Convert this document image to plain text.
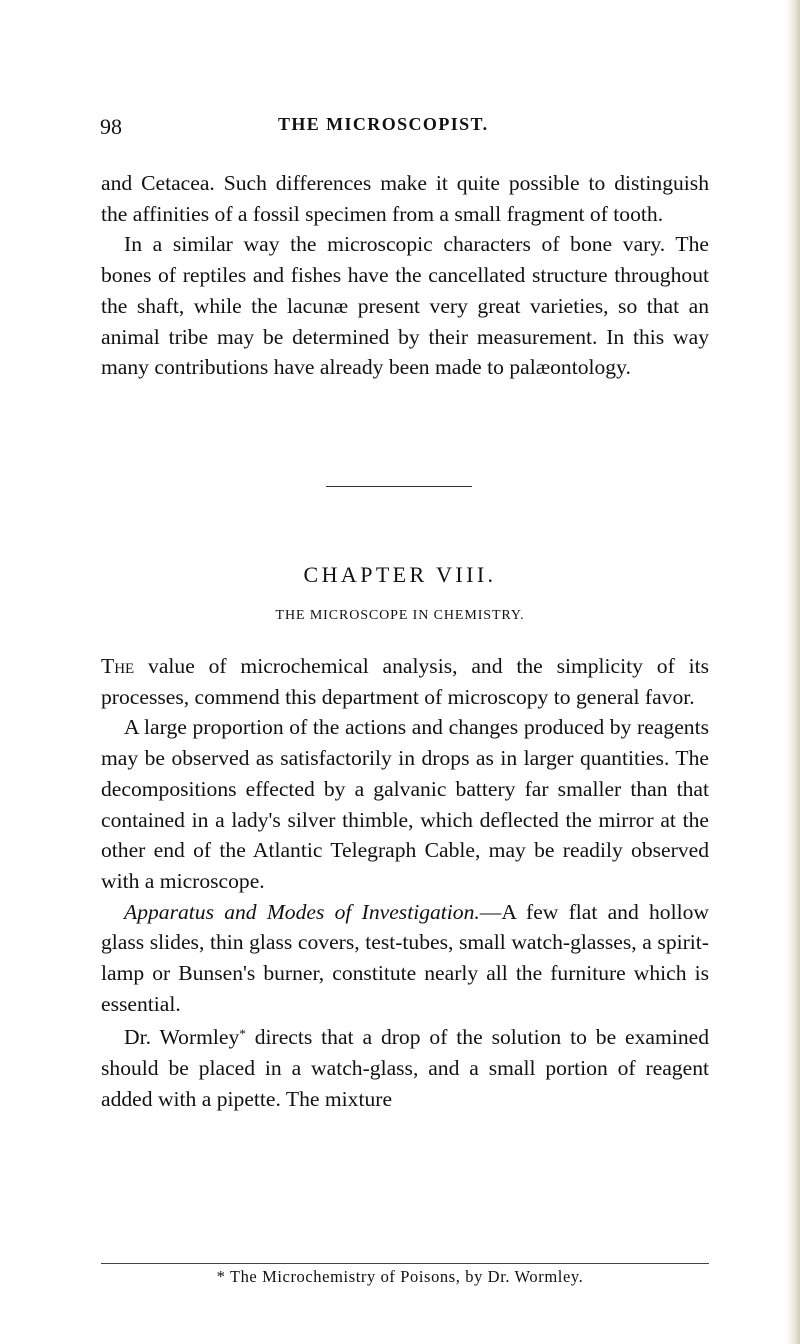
98	THE MICROSCOPIST.

and Cetacea. Such differences make it quite possible to distinguish the affinities of a fossil specimen from a small fragment of tooth.

In a similar way the microscopic characters of bone vary. The bones of reptiles and fishes have the cancellated structure throughout the shaft, while the lacunæ present very great varieties, so that an animal tribe may be determined by their measurement. In this way many contributions have already been made to palæontology.

CHAPTER VIII.
THE MICROSCOPE IN CHEMISTRY.

The value of microchemical analysis, and the simplicity of its processes, commend this department of microscopy to general favor.

A large proportion of the actions and changes produced by reagents may be observed as satisfactorily in drops as in larger quantities. The decompositions effected by a galvanic battery far smaller than that contained in a lady's silver thimble, which deflected the mirror at the other end of the Atlantic Telegraph Cable, may be readily observed with a microscope.

Apparatus and Modes of Investigation.—A few flat and hollow glass slides, thin glass covers, test-tubes, small watch-glasses, a spirit-lamp or Bunsen's burner, constitute nearly all the furniture which is essential.

Dr. Wormley* directs that a drop of the solution to be examined should be placed in a watch-glass, and a small portion of reagent added with a pipette. The mixture

* The Microchemistry of Poisons, by Dr. Wormley.
